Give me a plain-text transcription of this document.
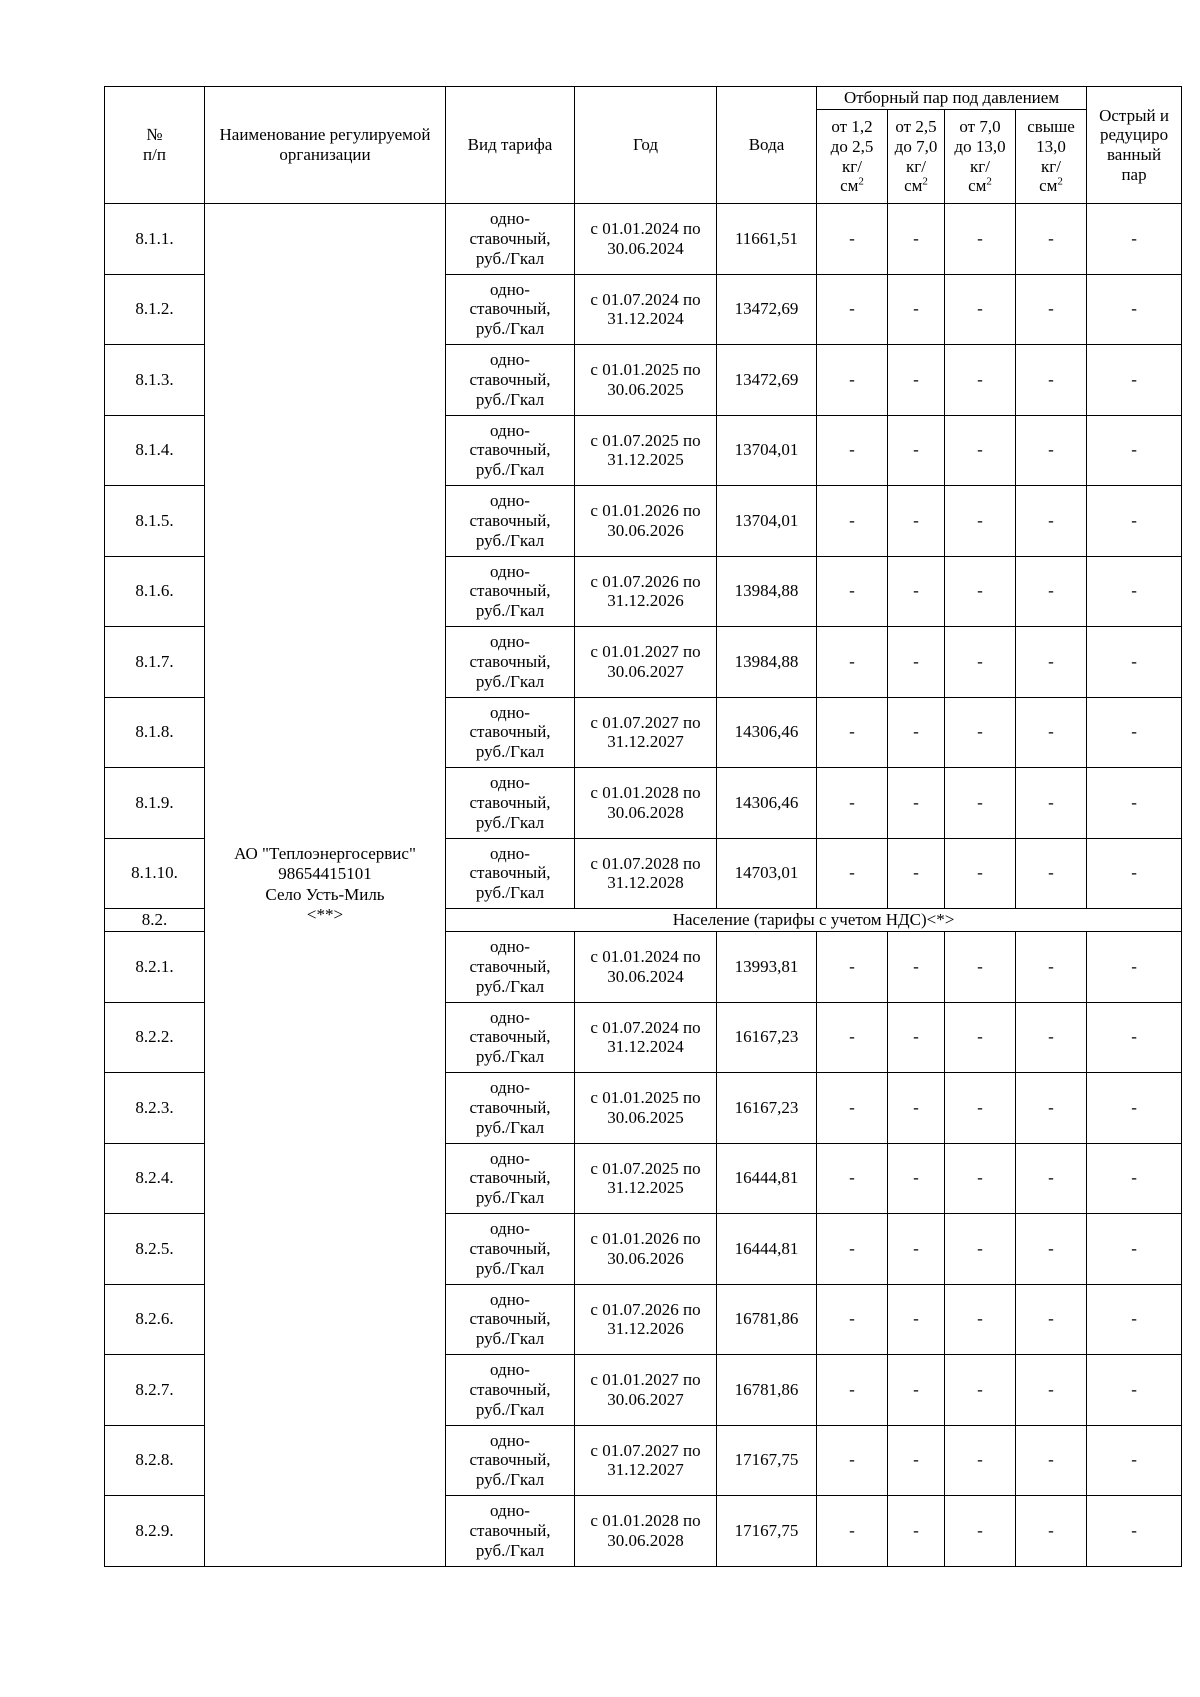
№
п/п	Наименование регулируемой организации	Вид тарифа	Год	Вода	Отборный пар под давлением				Острый и
редуциро
ванный
пар
					от 1,2
до 2,5
кг/
$см^2$	от 2,5
до 7,0
кг/
$см^2$	от 7,0
до 13,0
кг/
$см^2$	свыше
13,0
кг/
$см^2$
8.1.1.	АО "Теплоэнергосервис"
98654415101
Село Усть-Миль
<**>	одно-
ставочный,
руб./Гкал	с 01.01.2024 по
30.06.2024	11661,51	-	-	-	-	-
8.1.2.		одно-
ставочный,
руб./Гкал	с 01.07.2024 по
31.12.2024	13472,69	-	-	-	-	-
8.1.3.		одно-
ставочный,
руб./Гкал	с 01.01.2025 по
30.06.2025	13472,69	-	-	-	-	-
8.1.4.		одно-
ставочный,
руб./Гкал	с 01.07.2025 по
31.12.2025	13704,01	-	-	-	-	-
8.1.5.		одно-
ставочный,
руб./Гкал	с 01.01.2026 по
30.06.2026	13704,01	-	-	-	-	-
8.1.6.		одно-
ставочный,
руб./Гкал	с 01.07.2026 по
31.12.2026	13984,88	-	-	-	-	-
8.1.7.		одно-
ставочный,
руб./Гкал	с 01.01.2027 по
30.06.2027	13984,88	-	-	-	-	-
8.1.8.		одно-
ставочный,
руб./Гкал	с 01.07.2027 по
31.12.2027	14306,46	-	-	-	-	-
8.1.9.		одно-
ставочный,
руб./Гкал	с 01.01.2028 по
30.06.2028	14306,46	-	-	-	-	-
8.1.10.		одно-
ставочный,
руб./Гкал	с 01.07.2028 по
31.12.2028	14703,01	-	-	-	-	-
8.2.		Население (тарифы с учетом НДС)<*>							
8.2.1.		одно-
ставочный,
руб./Гкал	с 01.01.2024 по
30.06.2024	13993,81	-	-	-	-	-
8.2.2.		одно-
ставочный,
руб./Гкал	с 01.07.2024 по
31.12.2024	16167,23	-	-	-	-	-
8.2.3.		одно-
ставочный,
руб./Гкал	с 01.01.2025 по
30.06.2025	16167,23	-	-	-	-	-
8.2.4.		одно-
ставочный,
руб./Гкал	с 01.07.2025 по
31.12.2025	16444,81	-	-	-	-	-
8.2.5.		одно-
ставочный,
руб./Гкал	с 01.01.2026 по
30.06.2026	16444,81	-	-	-	-	-
8.2.6.		одно-
ставочный,
руб./Гкал	с 01.07.2026 по
31.12.2026	16781,86	-	-	-	-	-
8.2.7.		одно-
ставочный,
руб./Гкал	с 01.01.2027 по
30.06.2027	16781,86	-	-	-	-	-
8.2.8.		одно-
ставочный,
руб./Гкал	с 01.07.2027 по
31.12.2027	17167,75	-	-	-	-	-
8.2.9.		одно-
ставочный,
руб./Гкал	с 01.01.2028 по
30.06.2028	17167,75	-	-	-	-	-
